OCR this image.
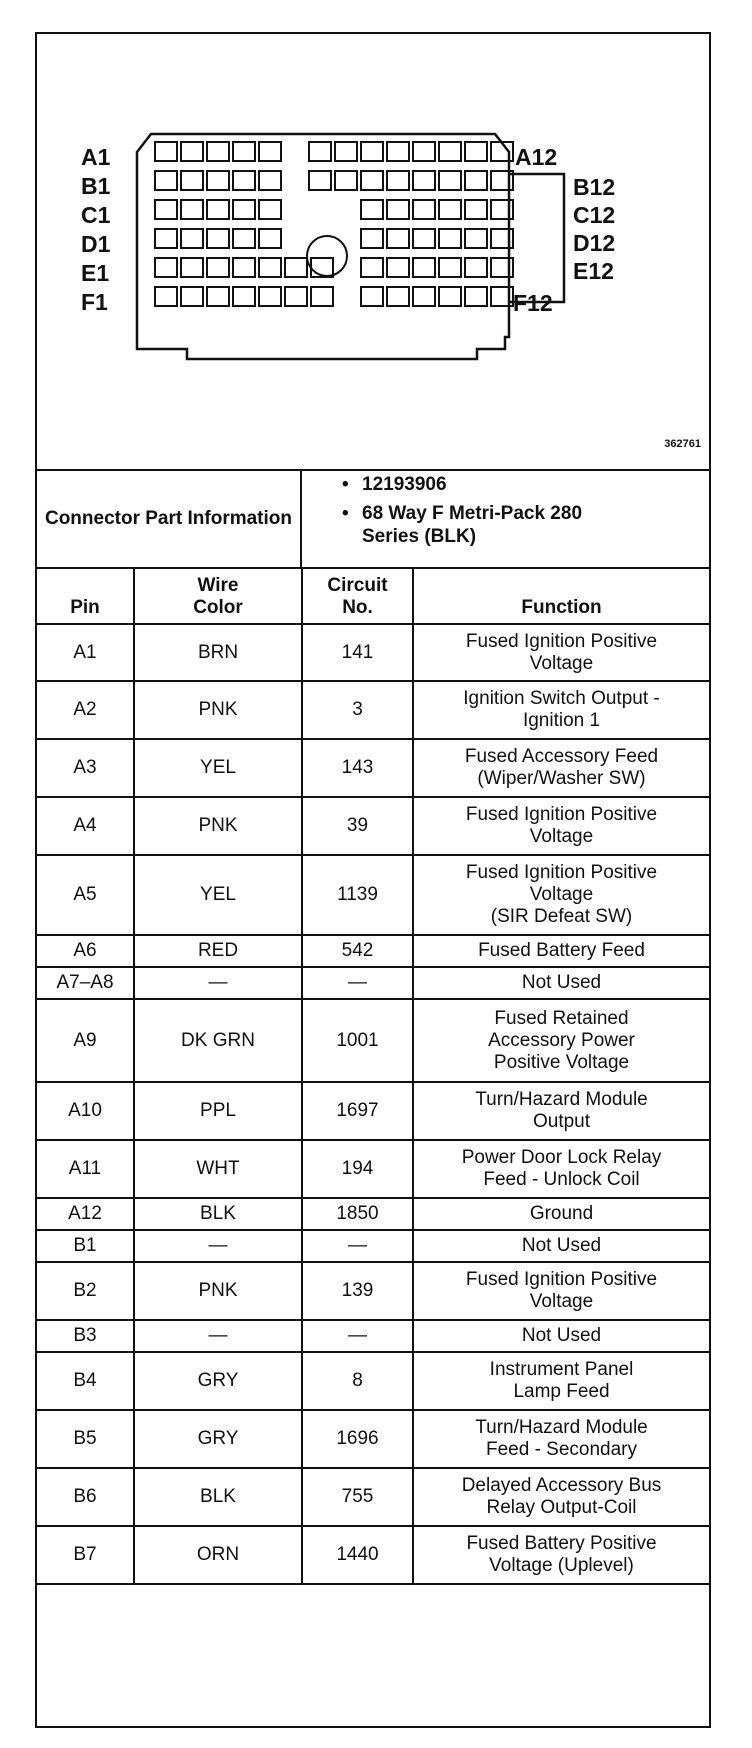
A1
B1
C1
D1
E1
F1
A12
B12
C12
D12
E12
F12
362761
Connector Part Information
• 12193906
• 68 Way F Metri-Pack 280 Series (BLK)
Pin	Wire Color	Circuit No.	Function
A1	BRN	141	Fused Ignition Positive
Voltage

A2	PNK	3	Ignition Switch Output -
Ignition 1

A3	YEL	143	Fused Accessory Feed
(Wiper/Washer SW)

A4	PNK	39	Fused Ignition Positive
Voltage

A5	YEL	1139	Fused Ignition Positive
Voltage
(SIR Defeat SW)

A6	RED	542	Fused Battery Feed

A7–A8	—	—	Not Used

A9	DK GRN	1001	Fused Retained
Accessory Power
Positive Voltage

A10	PPL	1697	Turn/Hazard Module
Output

A11	WHT	194	Power Door Lock Relay
Feed - Unlock Coil

A12	BLK	1850	Ground

B1	—	—	Not Used

B2	PNK	139	Fused Ignition Positive
Voltage

B3	—	—	Not Used

B4	GRY	8	Instrument Panel
Lamp Feed

B5	GRY	1696	Turn/Hazard Module
Feed - Secondary

B6	BLK	755	Delayed Accessory Bus
Relay Output-Coil

B7	ORN	1440	Fused Battery Positive
Voltage (Uplevel)
